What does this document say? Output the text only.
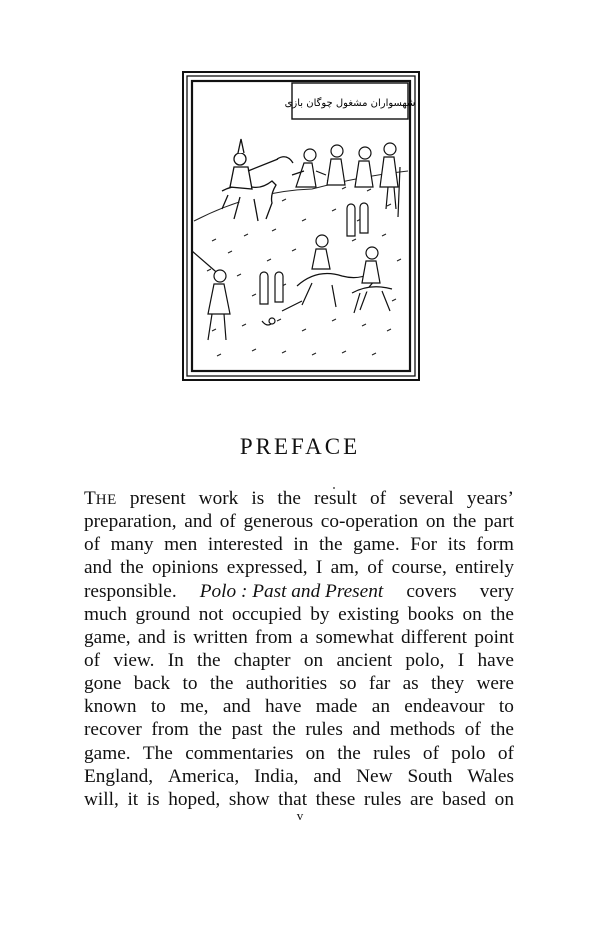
شهسواران مشغول چوگان بازی
PREFACE
THE present work is the result of several years’
preparation, and of generous co-operation on the part
of many men interested in the game. For its form
and the opinions expressed, I am, of course, entirely
responsible. Polo : Past and Present covers very
much ground not occupied by existing books on the
game, and is written from a somewhat different point
of view. In the chapter on ancient polo, I have
gone back to the authorities so far as they were
known to me, and have made an endeavour to
recover from the past the rules and methods of the
game. The commentaries on the rules of polo of
England, America, India, and New South Wales
will, it is hoped, show that these rules are based on
v
